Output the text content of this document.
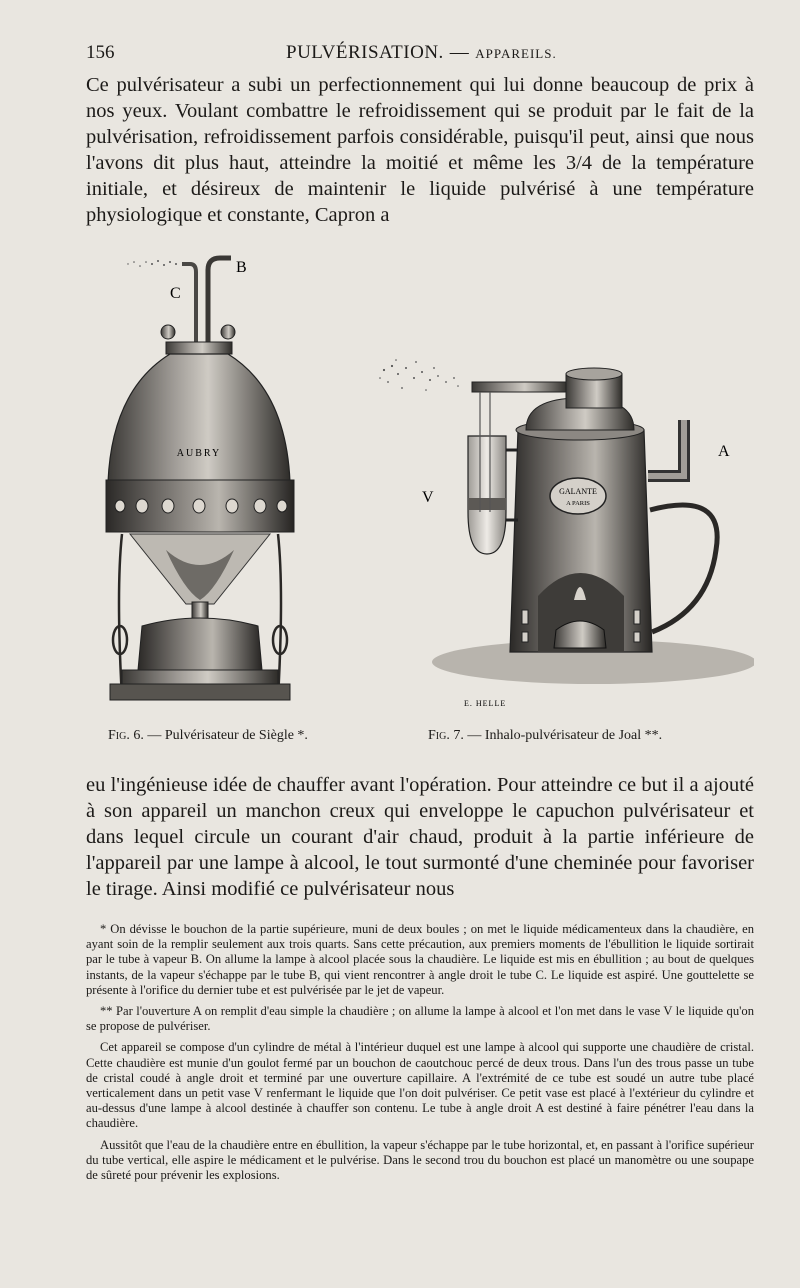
156	PULVÉRISATION. — APPAREILS.

Ce pulvérisateur a subi un perfectionnement qui lui donne beaucoup de prix à nos yeux. Voulant combattre le refroidissement qui se produit par le fait de la pulvérisation, refroidissement parfois considérable, puisqu'il peut, ainsi que nous l'avons dit plus haut, atteindre la moitié et même les 3/4 de la température initiale, et désireux de maintenir le liquide pulvérisé à une température physiologique et constante, Capron a

B
C
AUBRY
GALANTE
A PARIS
A
V
E. HELLE
Fig. 6. — Pulvérisateur de Siègle *.	Fig. 7. — Inhalo-pulvérisateur de Joal **.

eu l'ingénieuse idée de chauffer avant l'opération. Pour atteindre ce but il a ajouté à son appareil un manchon creux qui enveloppe le capuchon pulvérisateur et dans lequel circule un courant d'air chaud, produit à la partie inférieure de l'appareil par une lampe à alcool, le tout surmonté d'une cheminée pour favoriser le tirage. Ainsi modifié ce pulvérisateur nous

* On dévisse le bouchon de la partie supérieure, muni de deux boules ; on met le liquide médicamenteux dans la chaudière, en ayant soin de la remplir seulement aux trois quarts. Sans cette précaution, aux premiers moments de l'ébullition le liquide sortirait par le tube à vapeur B. On allume la lampe à alcool placée sous la chaudière. Le liquide est mis en ébullition ; au bout de quelques instants, de la vapeur s'échappe par le tube B, qui vient rencontrer à angle droit le tube C. Le liquide est aspiré. Une gouttelette se présente à l'orifice du dernier tube et est pulvérisée par le jet de vapeur.

** Par l'ouverture A on remplit d'eau simple la chaudière ; on allume la lampe à alcool et l'on met dans le vase V le liquide qu'on se propose de pulvériser.

Cet appareil se compose d'un cylindre de métal à l'intérieur duquel est une lampe à alcool qui supporte une chaudière de cristal. Cette chaudière est munie d'un goulot fermé par un bouchon de caoutchouc percé de deux trous. Dans l'un des trous passe un tube de cristal coudé à angle droit et terminé par une ouverture capillaire. A l'extrémité de ce tube est soudé un autre tube placé verticalement dans un petit vase V renfermant le liquide que l'on doit pulvériser. Ce petit vase est placé à l'extérieur du cylindre et au-dessus d'une lampe à alcool destinée à chauffer son contenu. Le tube à angle droit A est destiné à faire pénétrer l'eau dans la chaudière.

Aussitôt que l'eau de la chaudière entre en ébullition, la vapeur s'échappe par le tube horizontal, et, en passant à l'orifice supérieur du tube vertical, elle aspire le médicament et le pulvérise. Dans le second trou du bouchon est placé un manomètre ou une soupape de sûreté pour prévenir les explosions.
